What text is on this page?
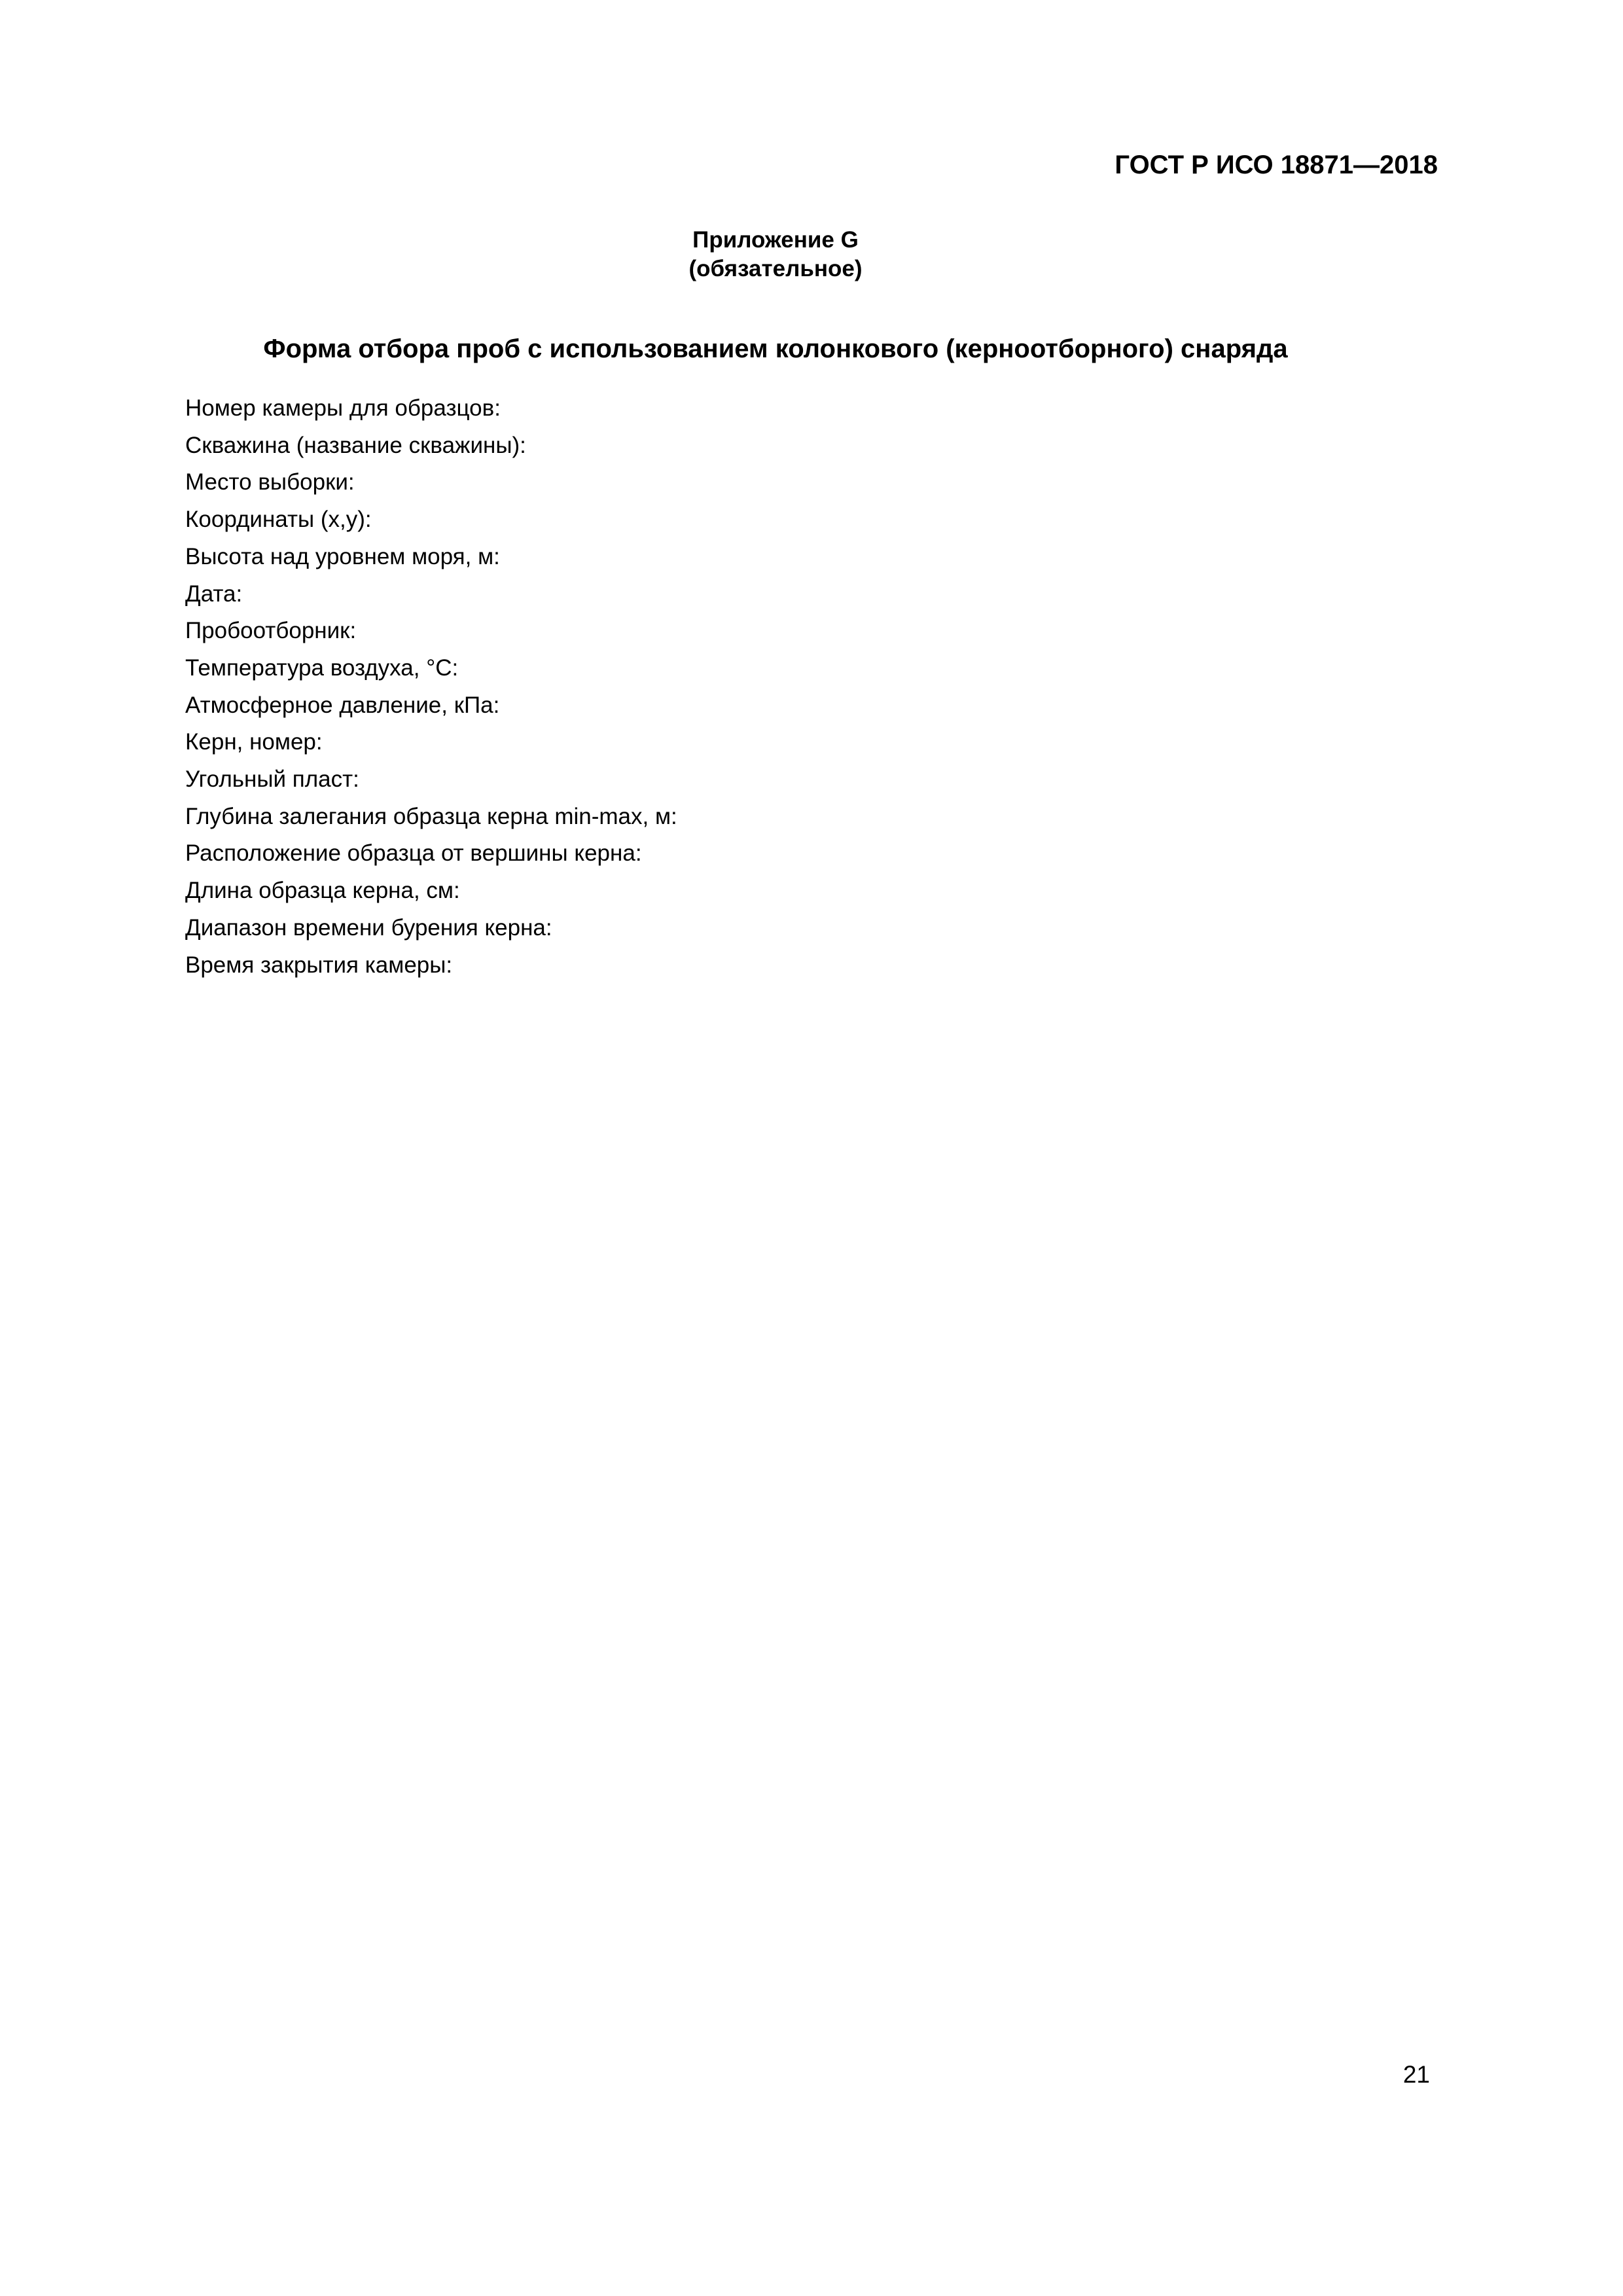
ГОСТ Р ИСО 18871—2018
Приложение G
(обязательное)
Форма отбора проб с использованием колонкового (керноотборного) снаряда
Номер камеры для образцов:
Скважина (название скважины):
Место выборки:
Координаты (x,y):
Высота над уровнем моря, м:
Дата:
Пробоотборник:
Температура воздуха, °С:
Атмосферное давление, кПа:
Керн, номер:
Угольный пласт:
Глубина залегания образца керна min-max, м:
Расположение образца от вершины керна:
Длина образца керна, см:
Диапазон времени бурения керна:
Время закрытия камеры:
21
